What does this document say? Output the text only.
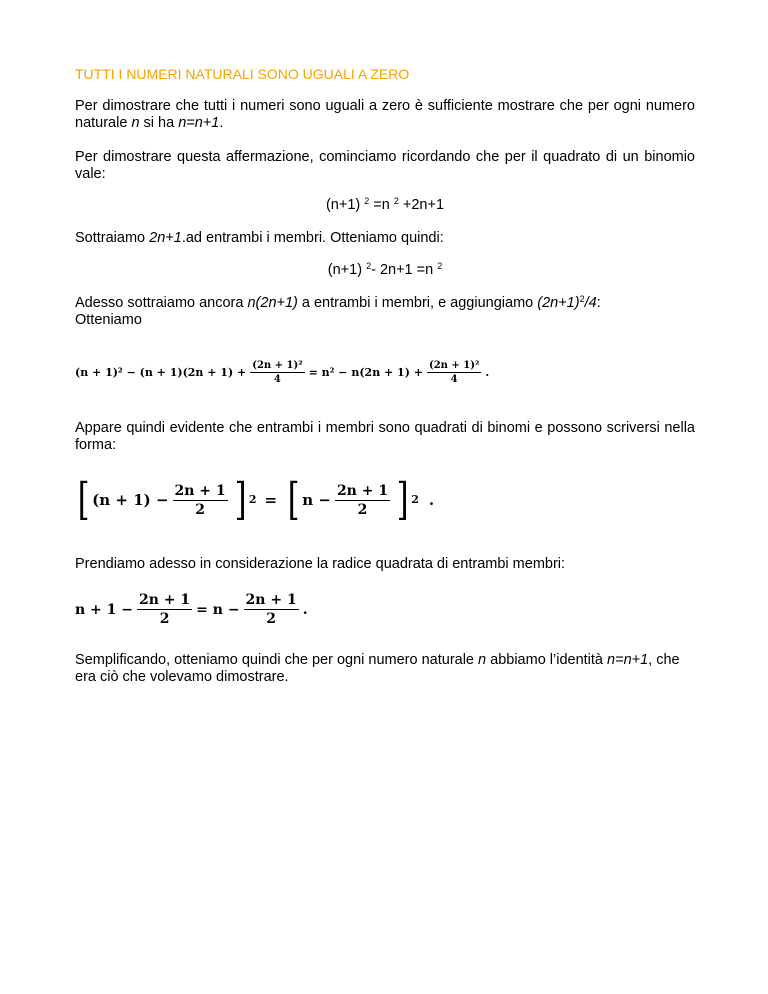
TUTTI I NUMERI NATURALI SONO UGUALI A ZERO
Per dimostrare che tutti i numeri sono uguali a zero è sufficiente mostrare che per ogni numero naturale n si ha n=n+1.
Per dimostrare questa affermazione, cominciamo ricordando che per il quadrato di un binomio vale:
(n+1) $^2$ =n $^2$ +2n+1
Sottraiamo 2n+1.ad entrambi i membri. Otteniamo quindi:
(n+1) $^2$- 2n+1 =n $^2$
Adesso sottraiamo ancora n(2n+1) a entrambi i membri, e aggiungiamo $(2n+1)^2/4$:
Otteniamo
$(n + 1)^2 - (n + 1)(2n + 1) + \frac{\text{(2n + 1)²}}{4} = n^2 - n(2n + 1) + \frac{\text{(2n + 1)²}}{4}$ .
Appare quindi evidente che entrambi i membri sono quadrati di binomi e possono scriversi nella forma:
[ $(n + 1) - \frac{2n + 1}{2}$ ] 2 = [ $n - \frac{2n + 1}{2}$ ] 2 .
Prendiamo adesso in considerazione la radice quadrata di entrambi membri:
$n + 1 - \frac{2n + 1}{2} = n - \frac{2n + 1}{2}$ .
Semplificando, otteniamo quindi che per ogni numero naturale n abbiamo l’identità n=n+1, che era ciò che volevamo dimostrare.
